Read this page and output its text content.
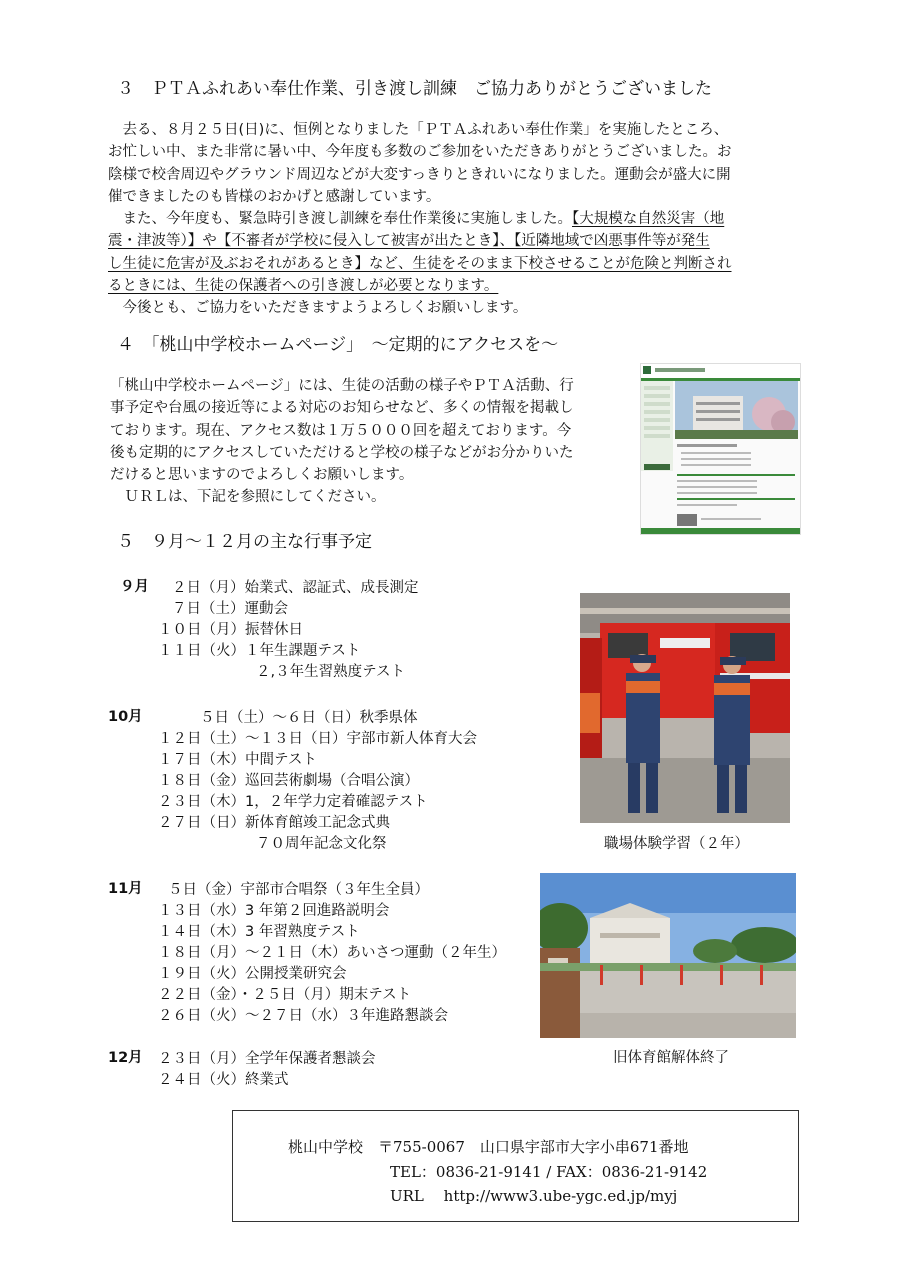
３　ＰＴＡふれあい奉仕作業、引き渡し訓練　ご協力ありがとうございました
　去る、８月２５日(日)に、恒例となりました「ＰＴＡふれあい奉仕作業」を実施したところ、
お忙しい中、また非常に暑い中、今年度も多数のご参加をいただきありがとうございました。お
陰様で校舎周辺やグラウンド周辺などが大変すっきりときれいになりました。運動会が盛大に開
催できましたのも皆様のおかげと感謝しています。
　また、今年度も、緊急時引き渡し訓練を奉仕作業後に実施しました。【大規模な自然災害（地
震・津波等）】や【不審者が学校に侵入して被害が出たとき】、【近隣地域で凶悪事件等が発生
し生徒に危害が及ぶおそれがあるとき】など、生徒をそのまま下校させることが危険と判断され
るときには、生徒の保護者への引き渡しが必要となります。
　今後とも、ご協力をいただきますようよろしくお願いします。
４　「桃山中学校ホームページ」　～定期的にアクセスを～
「桃山中学校ホームページ」には、生徒の活動の様子やＰＴＡ活動、行
事予定や台風の接近等による対応のお知らせなど、多くの情報を掲載し
ております。現在、アクセス数は１万５０００回を超えております。今
後も定期的にアクセスしていただけると学校の様子などがお分かりいた
だけると思いますのでよろしくお願いします。
　ＵＲＬは、下記を参照にしてください。
５　９月～１２月の主な行事予定
９月 ２日（月）始業式、認証式、成長測定
７日（土）運動会
１０日（月）振替休日
１１日（火）１年生課題テスト
２,３年生習熟度テスト
10月	５日（土）～６日（日）秋季県体
１２日（土）～１３日（日）宇部市新人体育大会
１７日（木）中間テスト
１８日（金）巡回芸術劇場（合唱公演）
２３日（木）1，２年学力定着確認テスト
２７日（日）新体育館竣工記念式典
７０周年記念文化祭	職場体験学習（２年）
11月 ５日（金）宇部市合唱祭（３年生全員）
１３日（水）3 年第２回進路説明会
１４日（木）3 年習熟度テスト
１８日（月）～２１日（木）あいさつ運動（２年生）
１９日（火）公開授業研究会
２２日（金）・２５日（月）期末テスト
２６日（火）～２７日（水）３年進路懇談会
旧体育館解体終了
12月 ２３日（月）全学年保護者懇談会
２４日（火）終業式
桃山中学校　〒755-0067　山口県宇部市大字小串671番地
TEL：0836-21-9141 / FAX：0836-21-9142
URL　 http://www3.ube-ygc.ed.jp/myj
